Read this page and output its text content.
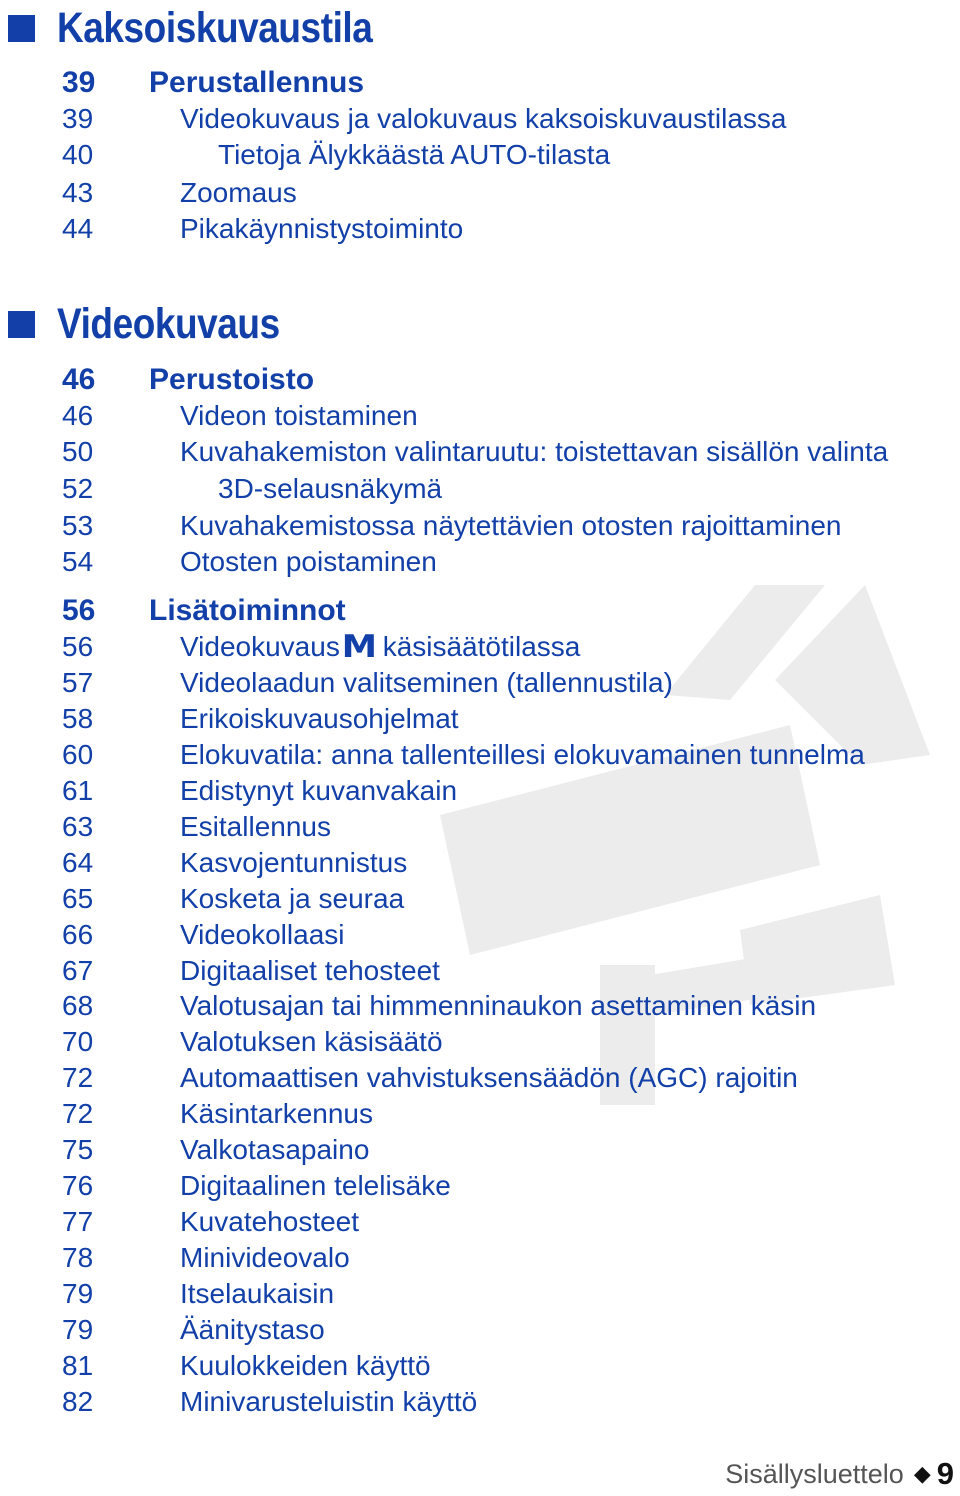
Kaksoiskuvaustila
39	Perustallennus
39	Videokuvaus ja valokuvaus kaksoiskuvaustilassa
40	Tietoja Älykkäästä AUTO-tilasta
43	Zoomaus
44	Pikakäynnistystoiminto
Videokuvaus
46	Perustoisto
46	Videon toistaminen
50	Kuvahakemiston valintaruutu: toistettavan sisällön valinta
52	3D-selausnäkymä
53	Kuvahakemistossa näytettävien otosten rajoittaminen
54	Otosten poistaminen
56	Lisätoiminnot
56	Videokuvaus M käsisäätötilassa
57	Videolaadun valitseminen (tallennustila)
58	Erikoiskuvausohjelmat
60	Elokuvatila: anna tallenteillesi elokuvamainen tunnelma
61	Edistynyt kuvanvakain
63	Esitallennus
64	Kasvojentunnistus
65	Kosketa ja seuraa
66	Videokollaasi
67	Digitaaliset tehosteet
68	Valotusajan tai himmenninaukon asettaminen käsin
70	Valotuksen käsisäätö
72	Automaattisen vahvistuksensäädön (AGC) rajoitin
72	Käsintarkennus
75	Valkotasapaino
76	Digitaalinen telelisäke
77	Kuvatehosteet
78	Minivideovalo
79	Itselaukaisin
79	Äänitystaso
81	Kuulokkeiden käyttö
82	Minivarusteluistin käyttö
Sisällysluettelo ◆ 9
